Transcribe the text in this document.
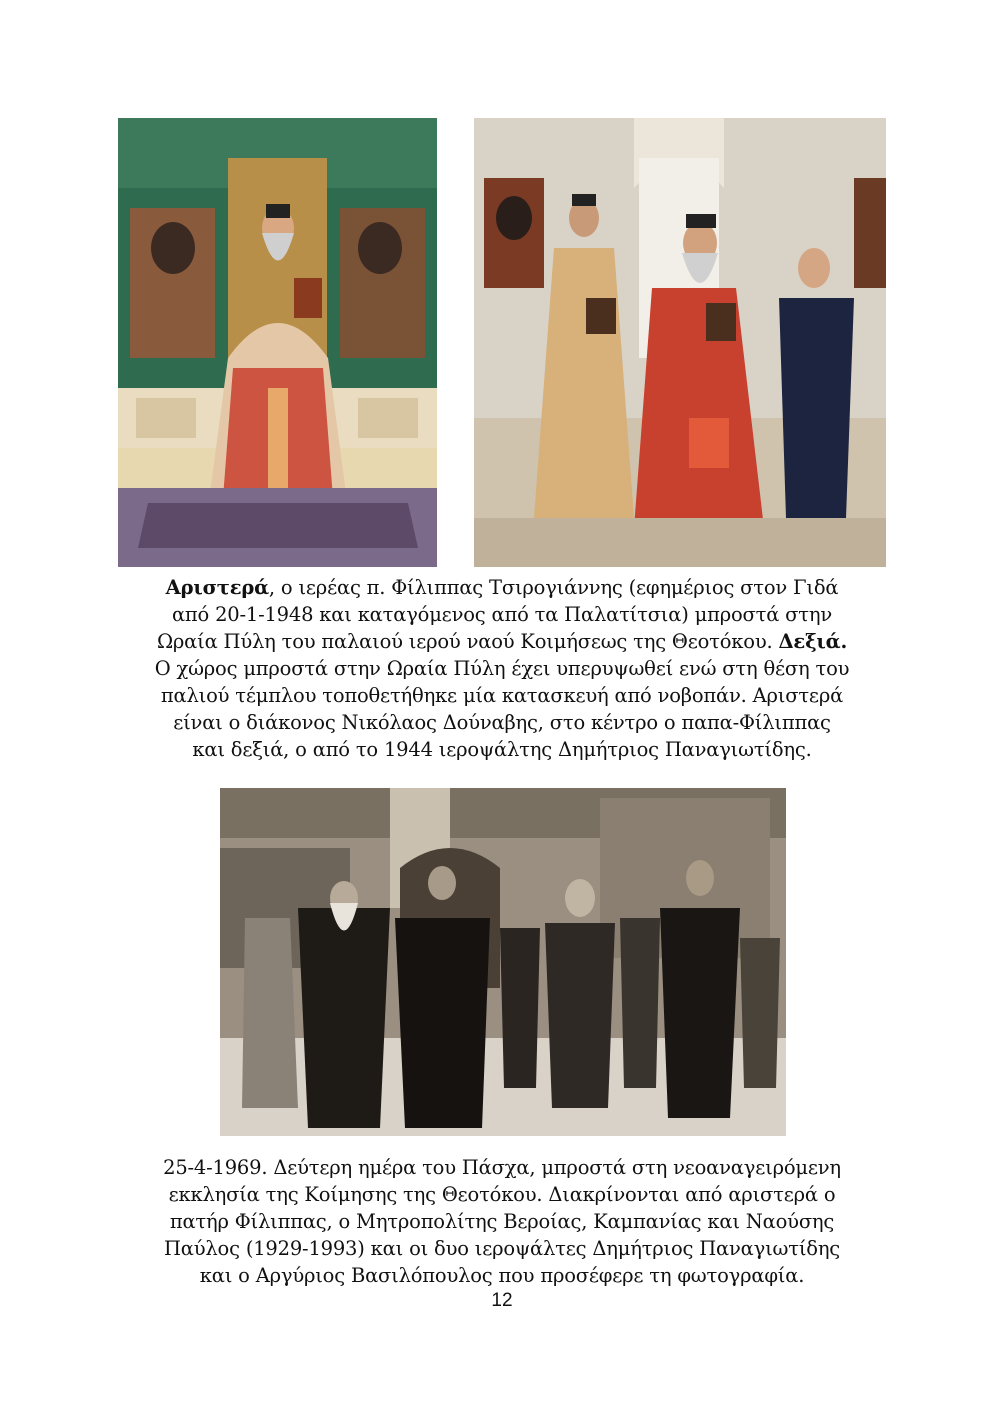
Αριστερά, ο ιερέας π. Φίλιππας Τσιρογιάννης (εφημέριος στον Γιδά

από 20-1-1948 και καταγόμενος από τα Παλατίτσια) μπροστά στην

Ωραία Πύλη του παλαιού ιερού ναού Κοιμήσεως της Θεοτόκου. Δεξιά.

Ο χώρος μπροστά στην Ωραία Πύλη έχει υπερυψωθεί ενώ στη θέση του

παλιού τέμπλου τοποθετήθηκε μία κατασκευή από νοβοπάν. Αριστερά

είναι ο διάκονος Νικόλαος Δούναβης, στο κέντρο ο παπα-Φίλιππας

και δεξιά, ο από το 1944 ιεροψάλτης Δημήτριος Παναγιωτίδης.

25-4-1969. Δεύτερη ημέρα του Πάσχα, μπροστά στη νεοαναγειρόμενη

εκκλησία της Κοίμησης της Θεοτόκου. Διακρίνονται από αριστερά ο

πατήρ Φίλιππας, ο Μητροπολίτης Βεροίας, Καμπανίας και Ναούσης

Παύλος (1929-1993) και οι δυο ιεροψάλτες Δημήτριος Παναγιωτίδης

και ο Αργύριος Βασιλόπουλος που προσέφερε τη φωτογραφία.

12
